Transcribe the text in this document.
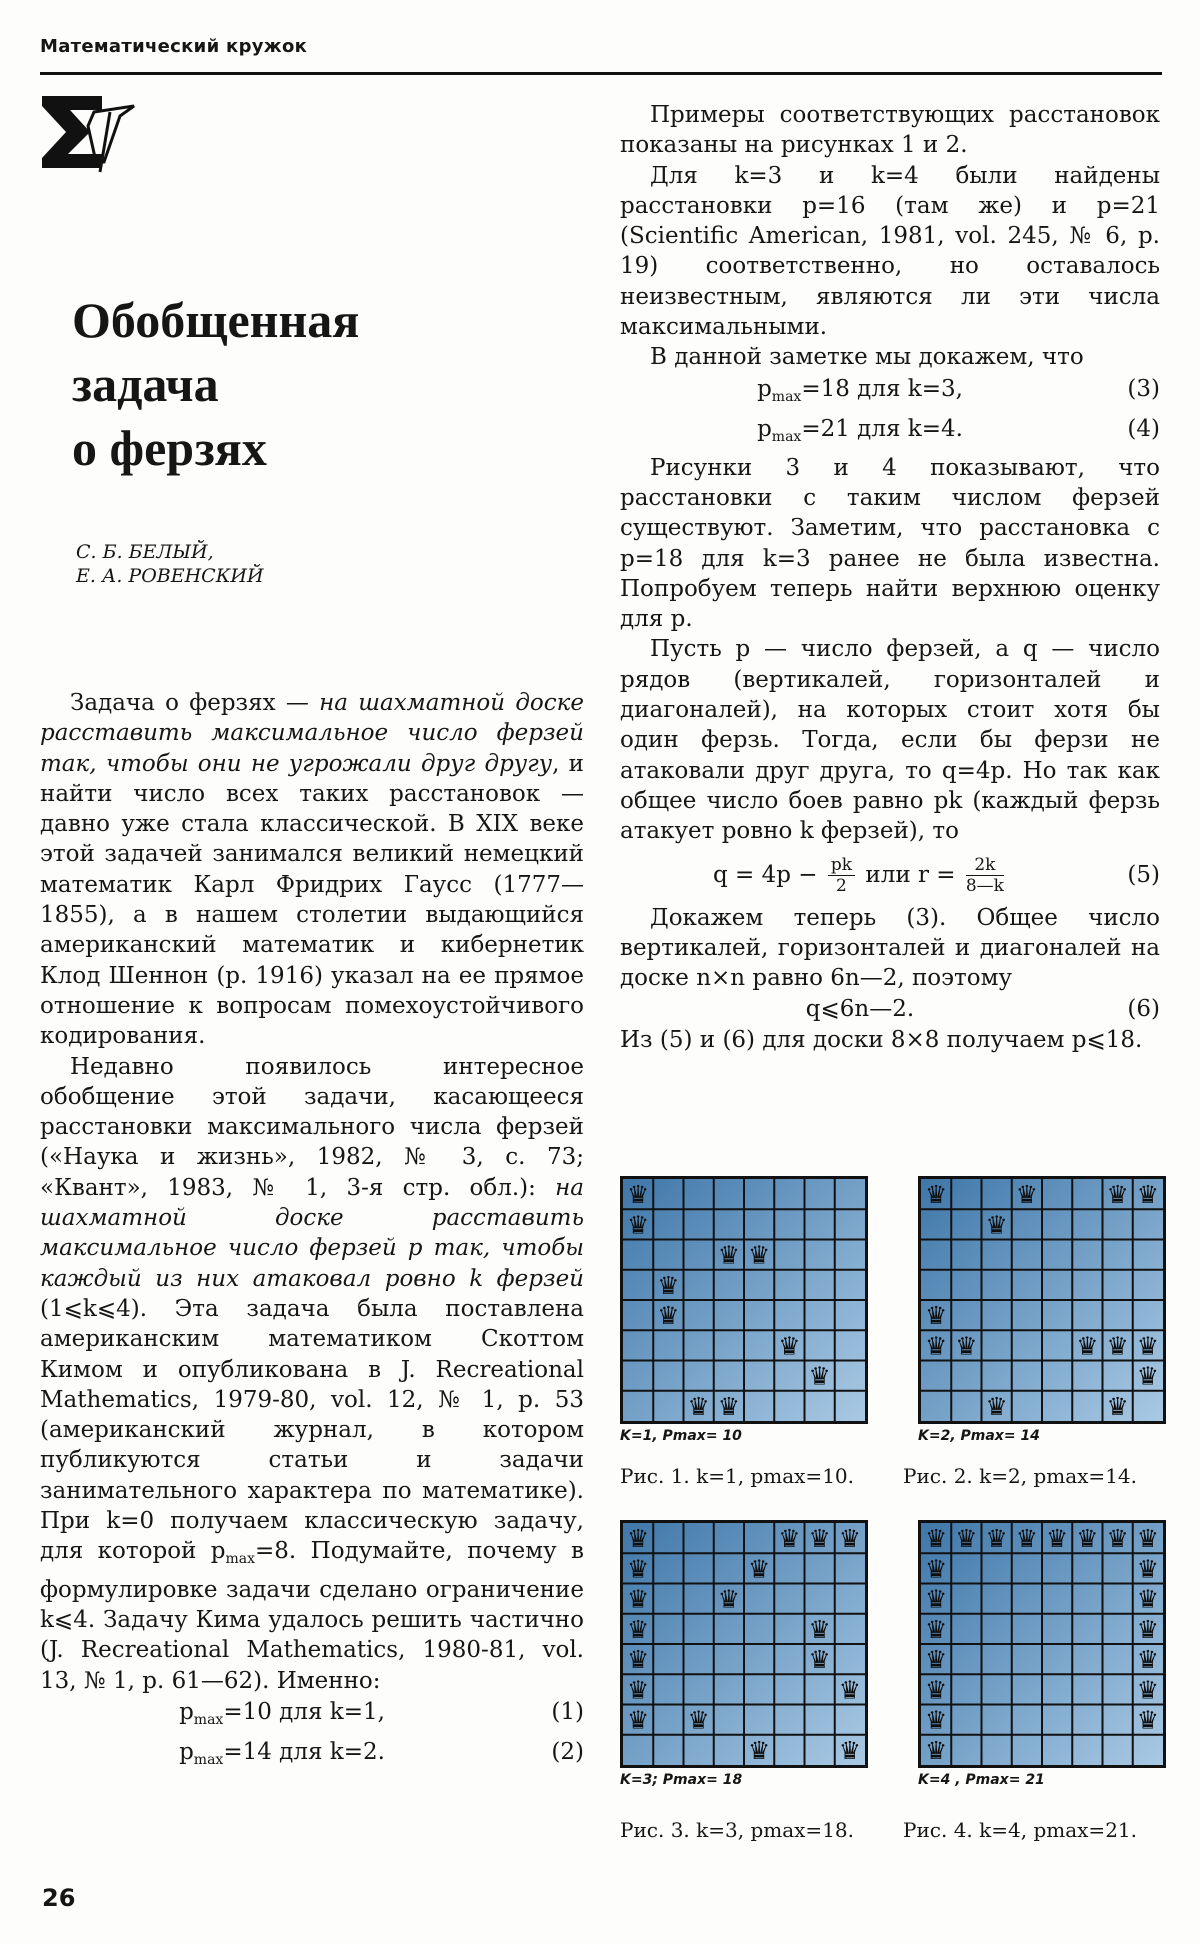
Математический кружок
Обобщенная
задача
о ферзях
С. Б. БЕЛЫЙ,
Е. А. РОВЕНСКИЙ

Задача о ферзях — на шахматной доске расставить максимальное число ферзей так, чтобы они не угрожали друг другу, и найти число всех таких расстановок — давно уже стала классической. В XIX веке этой задачей занимался великий немецкий математик Карл Фридрих Гаусс (1777—1855), а в нашем столетии выдающийся американский математик и кибернетик Клод Шеннон (р. 1916) указал на ее прямое отношение к вопросам помехоустойчивого кодирования.

Недавно появилось интересное обобщение этой задачи, касающееся расстановки максимального числа ферзей («Наука и жизнь», 1982, № 3, с. 73; «Квант», 1983, № 1, 3-я стр. обл.): на шахматной доске расставить максимальное число ферзей p так, чтобы каждый из них атаковал ровно k ферзей (1⩽k⩽4). Эта задача была поставлена американским математиком Скоттом Кимом и опубликована в J. Recreational Mathematics, 1979-80, vol. 12, № 1, p. 53 (американский журнал, в котором публикуются статьи и задачи занимательного характера по математике). При k=0 получаем классическую задачу, для которой $p_{max}=8$. Подумайте, почему в формулировке задачи сделано ограничение k⩽4. Задачу Кима удалось решить частично (J. Recreational Mathematics, 1980-81, vol. 13, № 1, p. 61—62). Именно:

$p_{max}=10$ для k=1,	(1)
$p_{max}=14$ для k=2.	(2)

Примеры соответствующих расстановок показаны на рисунках 1 и 2.

Для k=3 и k=4 были найдены расстановки p=16 (там же) и p=21 (Scientific American, 1981, vol. 245, № 6, p. 19) соответственно, но оставалось неизвестным, являются ли эти числа максимальными.

В данной заметке мы докажем, что

$p_{max}=18$ для k=3,	(3)
$p_{max}=21$ для k=4.	(4)

Рисунки 3 и 4 показывают, что расстановки с таким числом ферзей существуют. Заметим, что расстановка с p=18 для k=3 ранее не была известна. Попробуем теперь найти верхнюю оценку для p.

Пусть p — число ферзей, а q — число рядов (вертикалей, горизонталей и диагоналей), на которых стоит хотя бы один ферзь. Тогда, если бы ферзи не атаковали друг друга, то q=4p. Но так как общее число боев равно pk (каждый ферзь атакует ровно k ферзей), то

$q = 4p - \frac{pk}{2}$ или $r = \frac{2k}{8—k}$	(5)

Докажем теперь (3). Общее число вертикалей, горизонталей и диагоналей на доске n×n равно 6n—2, поэтому

q⩽6n—2.	(6)

Из (5) и (6) для доски 8×8 получаем p⩽18.

♛
♛
♛ ♛
♛
♛
♛
♛
♛ ♛
K=1, Pmax= 10
♛	♛	♛ ♛
♛
♛
♛ ♛	♛ ♛ ♛
♛
♛
♛
K=2, Pmax= 14
Рис. 1. k=1, pmax=10. Рис. 2. k=2, pmax=14.
♛
♛
♛
♛
♛
♛
♛
♛ ♛ ♛
♛
♛
♛
♛
♛
♛
♛	♛
K=3; Pmax= 18
♛
♛
♛
♛
♛
♛
♛
♛
♛ ♛ ♛ ♛ ♛ ♛ ♛
♛
♛
♛
♛
♛
♛
K=4 , Pmax= 21
Рис. 3. k=3, pmax=18. Рис. 4. k=4, pmax=21.
26
